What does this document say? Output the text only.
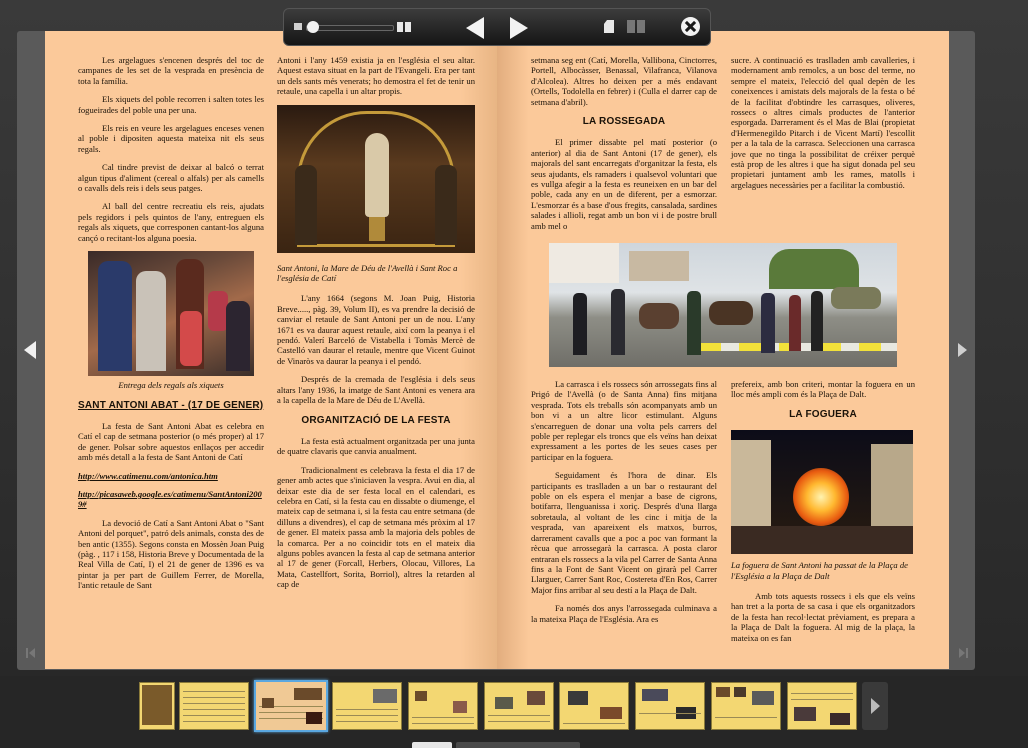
Les argelagues s'encenen després del toc de campanes de les set de la vesprada en presència de tota la família.

Els xiquets del poble recorren i salten totes les fogueirades del poble una per una.

Els reis en veure les argelagues enceses venen al poble i dipositen aquesta mateixa nit els seus regals.

Cal tindre previst de deixar al balcó o terrat algun tipus d'aliment (cereal o alfals) per als camells o cavalls dels reis i dels seus patges.

Al ball del centre recreatiu els reis, ajudats pels regidors i pels quintos de l'any, entreguen els regals als xiquets, que corresponen cantant-los alguna cançó o recitant-los alguna poesia.

Entrega dels regals als xiquets
SANT ANTONI ABAT - (17 DE GENER)

La festa de Sant Antoni Abat es celebra en Catí el cap de setmana posterior (o més proper) al 17 de gener. Polsar sobre aquestos enllaços per accedir amb més detall a la festa de Sant Antoni de Catí

http://www.catimenu.com/antonica.htm
http://picasaweb.google.es/catimenu/SantAntoni2009#

La devoció de Catí a Sant Antoni Abat o "Sant Antoni del porquet", patró dels animals, consta des de ben antic (1355). Segons consta en Mossèn Joan Puig (pàg. , 117 i 158, Historia Breve y Documentada de la Real Villa de Catí, I) el 21 de gener de 1396 es va pintar ja per part de Guillem Ferrer, de Morella, l'antic retaule de Sant

Antoni i l'any 1459 existia ja en l'església el seu altar. Aquest estava situat en la part de l'Evangeli. Era per tant un dels sants més venerats; ho demostra el fet de tenir un retaule, una capella i un altar propis.

Sant Antoni, la Mare de Déu de l'Avellà i Sant Roc a l'església de Catí

L'any 1664 (segons M. Joan Puig, Historia Breve....., pàg. 39, Volum II), es va prendre la decisió de canviar el retaule de Sant Antoni per un de nou. L'any 1671 es va daurar aquest retaule, així com la peanya i el pendó. Valerí Barceló de Vistabella i Tomàs Mercè de Castelló van daurar el retaule, mentre que Vicent Guinot de Vinaròs va daurar la peanya i el pendó.

Després de la cremada de l'església i dels seus altars l'any 1936, la imatge de Sant Antoni es venera ara a la capella de la Mare de Déu de L'Avellà.

ORGANITZACIÓ DE LA FESTA

La festa està actualment organitzada per una junta de quatre clavaris que canvia anualment.

Tradicionalment es celebrava la festa el dia 17 de gener amb actes que s'iniciaven la vespra. Avui en dia, al deixar este dia de ser festa local en el calendari, es celebra en Catí, si la festa cau en dissabte o diumenge, el mateix cap de setmana i, si la festa cau entre setmana (de dilluns a divendres), el cap de setmana més pròxim al 17 de gener. El mateix passa amb la majoria dels pobles de la comarca. Per a no coincidir tots en el mateix dia alguns pobles avancen la festa al cap de setmana anterior al 17 de gener (Forcall, Herbers, Olocau, Villores, La Mata, Castellfort, Sorita, Borriol), altres la retarden al cap de

setmana seg ent (Catí, Morella, Vallibona, Cinctorres, Portell, Albocàsser, Benassal, Vilafranca, Vilanova d'Alcolea). Altres ho deixen per a més endavant (Ortells, Todolella en febrer) i (Culla el darrer cap de setmana d'abril).

LA ROSSEGADA

El primer dissabte pel matí posterior (o anterior) al dia de Sant Antoni (17 de gener), els majorals del sant encarregats d'organitzar la festa, els seus ajudants, els ramaders i qualsevol voluntari que es vullga afegir a la festa es reuneixen en un bar del poble, cada any en un de diferent, per a esmorzar. L'esmorzar és a base d'ous fregits, cansalada, sardines salades i allioli, regat amb un bon vi i de postre brull amb mel o

La carrasca i els rossecs són arrossegats fins al Prigó de l'Avellà (o de Santa Anna) fins mitjana vesprada. Tots els treballs són acompanyats amb un bon vi a un altre licor estimulant. Alguns s'encarreguen de donar una volta pels carrers del poble per replegar els troncs que els veïns han deixat expressament a les portes de les seues cases per participar en la foguera.

Seguidament és l'hora de dinar. Els participants es traslladen a un bar o restaurant del poble on els espera el menjar a base de cigrons, botifarra, llenguanissa i xoriç. Després d'una llarga sobretaula, al voltant de les cinc i mitja de la vesprada, van apareixent els matxos, burros, darrerament cavalls que a poc a poc van formant la rècua que arrossegarà la carrasca. A posta claror entraran els rossecs a la vila pel Carrer de Santa Anna fins a la Font de Sant Vicent on girarà pel Carrer Llarguer, Carrer Sant Roc, Costereta d'En Ros, Carrer Major fins arribar al seu destí a la Plaça de Dalt.

Fa només dos anys l'arrossegada culminava a la mateixa Plaça de l'Església. Ara es

sucre. A continuació es traslladen amb cavalleries, i modernament amb remolcs, a un bosc del terme, no sempre el mateix, l'elecció del qual depèn de les coneixences i amistats dels majorals de la festa o bé de la facilitat d'obtindre les carrasques, oliveres, rossecs o altres cimals productes de l'anterior esporgada. Darrerament és el Mas de Blai (propietat d'Hermenegildo Pitarch i de Vicent Martí) l'escollit per a la tala de la carrasca. Seleccionen una carrasca jove que no tinga la possibilitat de créixer perquè està prop de les altres i que ha sigut donada pel seu propietari juntament amb les rames, matolls i argelagues necessàries per a facilitar la combustió.

prefereix, amb bon criteri, montar la foguera en un lloc més ampli com és la Plaça de Dalt.

LA FOGUERA
La foguera de Sant Antoni ha passat de la Plaça de l'Església a la Plaça de Dalt

Amb tots aquests rossecs i els que els veïns han tret a la porta de sa casa i que els organitzadors de la festa han recol·lectat prèviament, es prepara a la Plaça de Dalt la foguera. Al mig de la plaça, la mateixa on es fan
